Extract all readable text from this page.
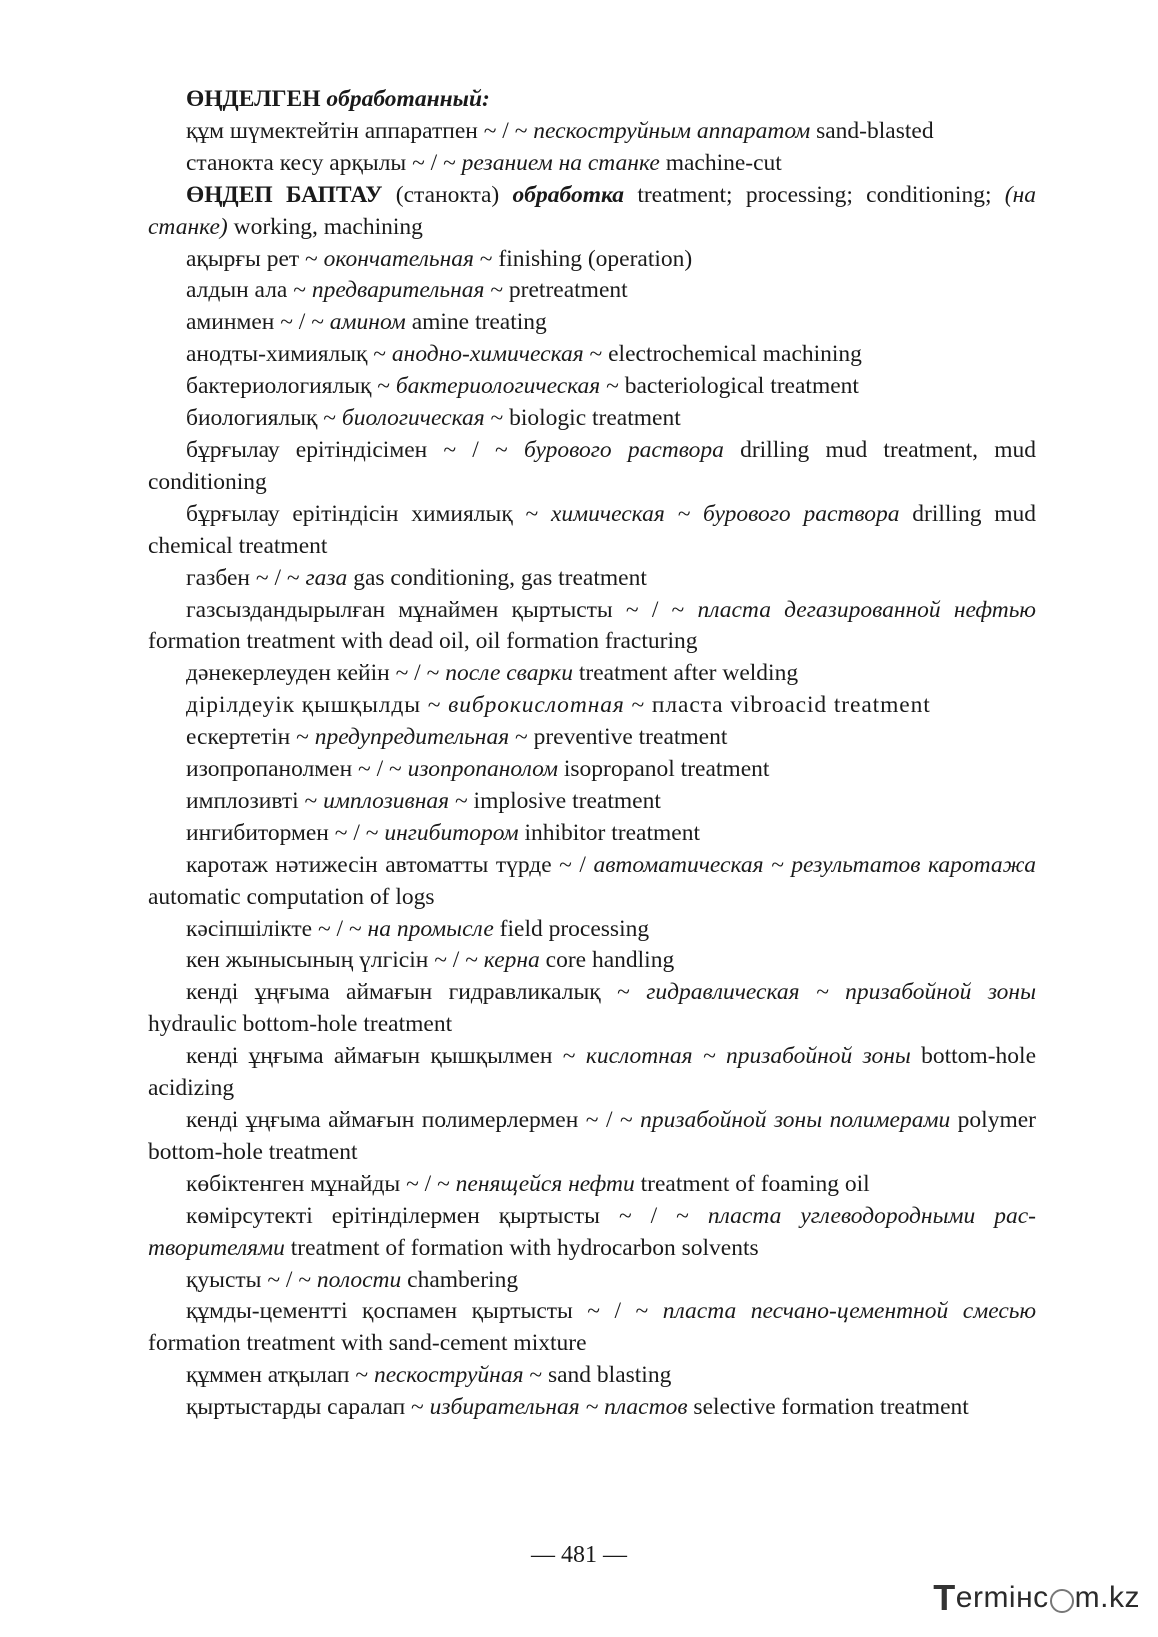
ӨҢДЕЛГЕН обработанный:

құм шүмектейтін аппаратпен ~ / ~ пескоструйным аппаратом sand-blasted

станокта кесу арқылы ~ / ~ резанием на станке machine-cut

ӨҢДЕП БАПТАУ (станокта) обработка treatment; processing; conditioning; (на станке) working, machining

ақырғы рет ~ окончательная ~ finishing (operation)

алдын ала ~ предварительная ~ pretreatment

аминмен ~ / ~ амином amine treating

анодты-химиялық ~ анодно-химическая ~ electrochemical machining

бактериологиялық ~ бактериологическая ~ bacteriological treatment

биологиялық ~ биологическая ~ biologic treatment

бұрғылау ерітіндісімен ~ / ~ бурового раствора drilling mud treatment, mud conditioning

бұрғылау ерітіндісін химиялық ~ химическая ~ бурового раствора drilling mud chemical treatment

газбен ~ / ~ газа gas conditioning, gas treatment

газсыздандырылған мұнаймен қыртысты ~ / ~ пласта дегазированной нефтью formation treatment with dead oil, oil formation fracturing

дәнекерлеуден кейін ~ / ~ после сварки treatment after welding

дірілдеуік қышқылды ~ виброкислотная ~ пласта vibroacid treatment

ескертетін ~ предупредительная ~ preventive treatment

изопропанолмен ~ / ~ изопропанолом isopropanol treatment

имплозивті ~ имплозивная ~ implosive treatment

ингибитормен ~ / ~ ингибитором inhibitor treatment

каротаж нәтижесін автоматты түрде ~ / автоматическая ~ результатов каротажа automatic computation of logs

кәсіпшілікте ~ / ~ на промысле field processing

кен жынысының үлгісін ~ / ~ керна core handling

кенді ұңғыма аймағын гидравликалық ~ гидравлическая ~ призабойной зоны hydraulic bottom-hole treatment

кенді ұңғыма аймағын қышқылмен ~ кислотная ~ призабойной зоны bottom-hole acidizing

кенді ұңғыма аймағын полимерлермен ~ / ~ призабойной зоны полимерами polymer bottom-hole treatment

көбіктенген мұнайды ~ / ~ пенящейся нефти treatment of foaming oil

көмірсутекті ерітінділермен қыртысты ~ / ~ пласта углеводородными растворителями treatment of formation with hydrocarbon solvents

қуысты ~ / ~ полости chambering

құмды-цементті қоспамен қыртысты ~ / ~ пласта песчано-цементной смесью formation treatment with sand-cement mixture

құммен атқылап ~ пескоструйная ~ sand blasting

қыртыстарды саралап ~ избирательная ~ пластов selective formation treatment

— 481 —
T ermінс m.kz
